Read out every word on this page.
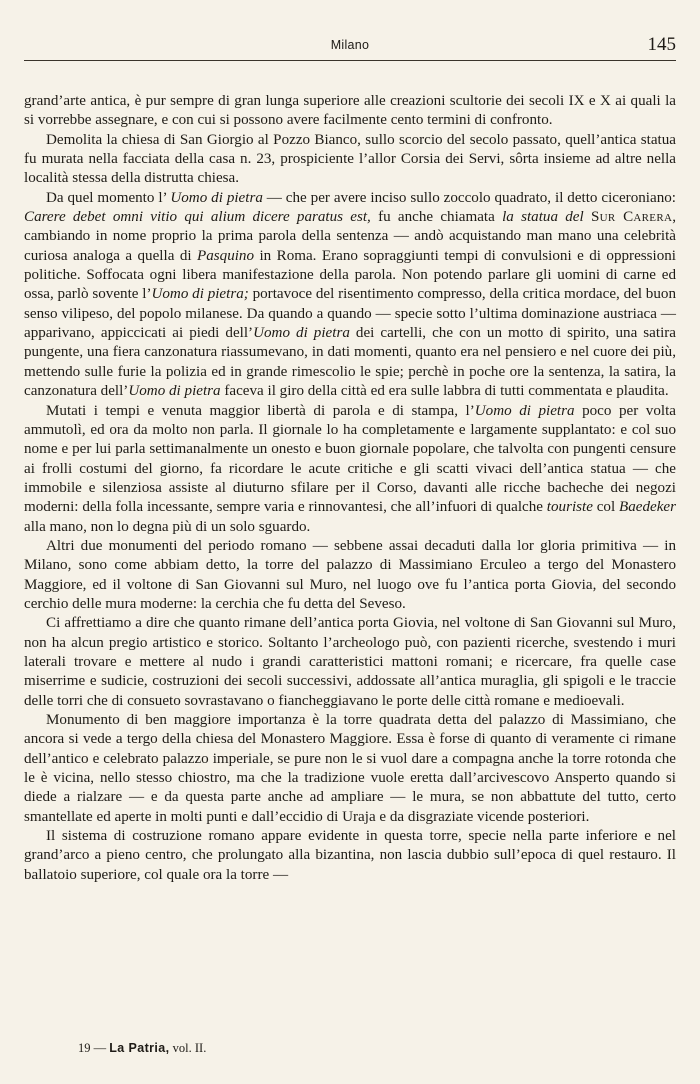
Milano	145

grand’arte antica, è pur sempre di gran lunga superiore alle creazioni scultorie dei secoli IX e X ai quali la si vorrebbe assegnare, e con cui si possono avere facilmente cento termini di confronto.

Demolita la chiesa di San Giorgio al Pozzo Bianco, sullo scorcio del secolo passato, quell’antica statua fu murata nella facciata della casa n. 23, prospiciente l’allor Corsia dei Servi, sôrta insieme ad altre nella località stessa della distrutta chiesa.

Da quel momento l’ Uomo di pietra — che per avere inciso sullo zoccolo quadrato, il detto ciceroniano: Carere debet omni vitio qui alium dicere paratus est, fu anche chiamata la statua del Sur Carera, cambiando in nome proprio la prima parola della sentenza — andò acquistando man mano una celebrità curiosa analoga a quella di Pasquino in Roma. Erano sopraggiunti tempi di convulsioni e di oppressioni politiche. Soffocata ogni libera manifestazione della parola. Non potendo parlare gli uomini di carne ed ossa, parlò sovente l’Uomo di pietra; portavoce del risentimento compresso, della critica mordace, del buon senso vilipeso, del popolo milanese. Da quando a quando — specie sotto l’ultima dominazione austriaca — apparivano, appiccicati ai piedi dell’Uomo di pietra dei cartelli, che con un motto di spirito, una satira pungente, una fiera canzonatura riassumevano, in dati momenti, quanto era nel pensiero e nel cuore dei più, mettendo sulle furie la polizia ed in grande rimescolio le spie; perchè in poche ore la sentenza, la satira, la canzonatura dell’Uomo di pietra faceva il giro della città ed era sulle labbra di tutti commentata e plaudita.

Mutati i tempi e venuta maggior libertà di parola e di stampa, l’Uomo di pietra poco per volta ammutolì, ed ora da molto non parla. Il giornale lo ha completamente e largamente supplantato: e col suo nome e per lui parla settimanalmente un onesto e buon giornale popolare, che talvolta con pungenti censure ai frolli costumi del giorno, fa ricordare le acute critiche e gli scatti vivaci dell’antica statua — che immobile e silenziosa assiste al diuturno sfilare per il Corso, davanti alle ricche bacheche dei negozi moderni: della folla incessante, sempre varia e rinnovantesi, che all’infuori di qualche touriste col Baedeker alla mano, non lo degna più di un solo sguardo.

Altri due monumenti del periodo romano — sebbene assai decaduti dalla lor gloria primitiva — in Milano, sono come abbiam detto, la torre del palazzo di Massimiano Erculeo a tergo del Monastero Maggiore, ed il voltone di San Giovanni sul Muro, nel luogo ove fu l’antica porta Giovia, del secondo cerchio delle mura moderne: la cerchia che fu detta del Seveso.

Ci affrettiamo a dire che quanto rimane dell’antica porta Giovia, nel voltone di San Giovanni sul Muro, non ha alcun pregio artistico e storico. Soltanto l’archeologo può, con pazienti ricerche, svestendo i muri laterali trovare e mettere al nudo i grandi caratteristici mattoni romani; e ricercare, fra quelle case miserrime e sudicie, costruzioni dei secoli successivi, addossate all’antica muraglia, gli spigoli e le traccie delle torri che di consueto sovrastavano o fiancheggiavano le porte delle città romane e medioevali.

Monumento di ben maggiore importanza è la torre quadrata detta del palazzo di Massimiano, che ancora si vede a tergo della chiesa del Monastero Maggiore. Essa è forse di quanto di veramente ci rimane dell’antico e celebrato palazzo imperiale, se pure non le si vuol dare a compagna anche la torre rotonda che le è vicina, nello stesso chiostro, ma che la tradizione vuole eretta dall’arcivescovo Ansperto quando si diede a rialzare — e da questa parte anche ad ampliare — le mura, se non abbattute del tutto, certo smantellate ed aperte in molti punti e dall’eccidio di Uraja e da disgraziate vicende posteriori.

Il sistema di costruzione romano appare evidente in questa torre, specie nella parte inferiore e nel grand’arco a pieno centro, che prolungato alla bizantina, non lascia dubbio sull’epoca di quel restauro. Il ballatoio superiore, col quale ora la torre —

19 — La Patria, vol. II.
